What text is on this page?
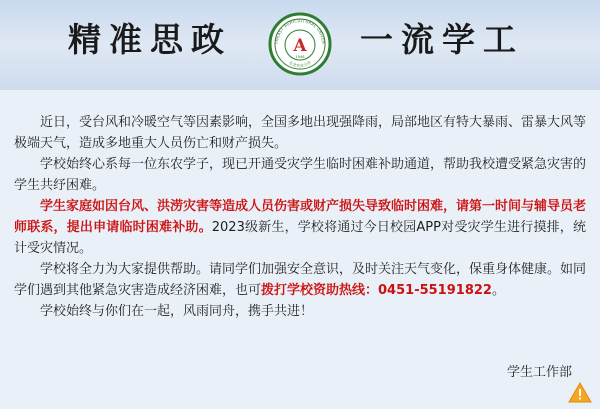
精准思政	THEAST AGRICULTURAL UNIVER
A
1948
东北农业大学
一流学工

近日，受台风和冷暖空气等因素影响，全国多地出现强降雨，局部地区有特大暴雨、雷暴大风等极端天气，造成多地重大人员伤亡和财产损失。

学校始终心系每一位东农学子，现已开通受灾学生临时困难补助通道，帮助我校遭受紧急灾害的学生共纾困难。

学生家庭如因台风、洪涝灾害等造成人员伤害或财产损失导致临时困难，请第一时间与辅导员老师联系，提出申请临时困难补助。2023级新生，学校将通过今日校园APP对受灾学生进行摸排，统计受灾情况。

学校将全力为大家提供帮助。请同学们加强安全意识，及时关注天气变化，保重身体健康。如同学们遇到其他紧急灾害造成经济困难，也可拨打学校资助热线：0451-55191822。

学校始终与你们在一起，风雨同舟，携手共进！

学生工作部
